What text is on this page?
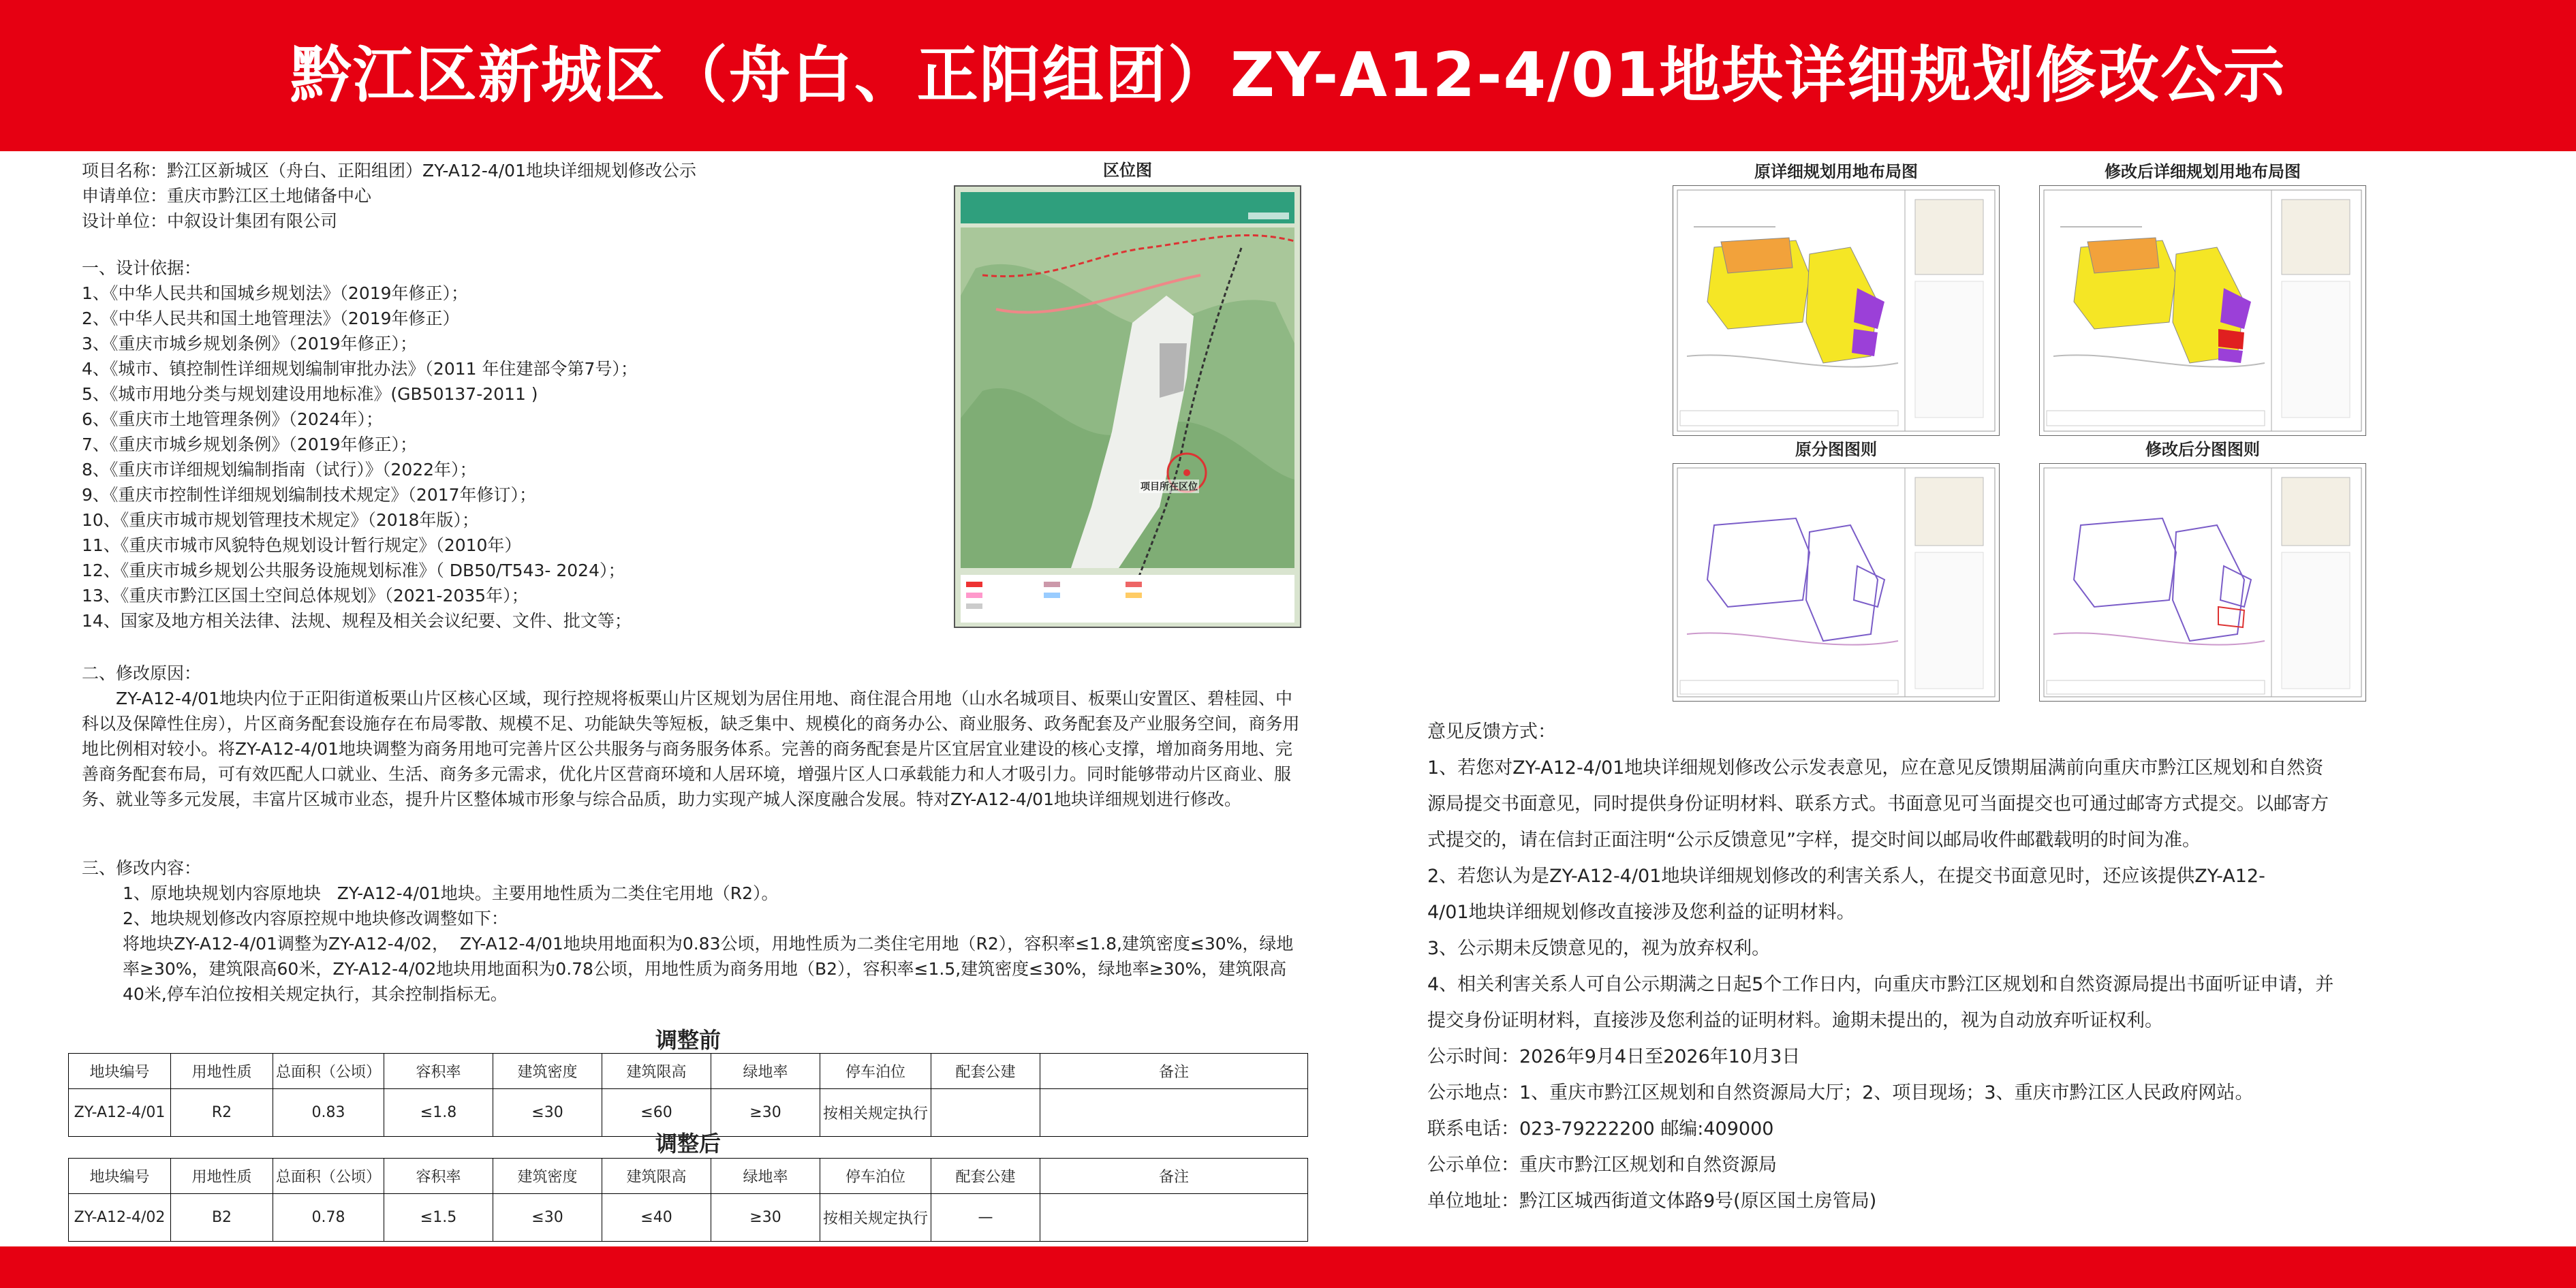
黔江区新城区（舟白、正阳组团）ZY-A12-4/01地块详细规划修改公示
项目名称：黔江区新城区（舟白、正阳组团）ZY-A12-4/01地块详细规划修改公示
申请单位：重庆市黔江区土地储备中心
设计单位：中叙设计集团有限公司
一、设计依据：
1、《中华人民共和国城乡规划法》（2019年修正）；
2、《中华人民共和国土地管理法》（2019年修正）
3、《重庆市城乡规划条例》（2019年修正）；
4、《城市、镇控制性详细规划编制审批办法》（2011 年住建部令第7号）；
5、《城市用地分类与规划建设用地标准》(GB50137-2011 )
6、《重庆市土地管理条例》（2024年）；
7、《重庆市城乡规划条例》（2019年修正）；
8、《重庆市详细规划编制指南（试行）》（2022年）；
9、《重庆市控制性详细规划编制技术规定》（2017年修订）；
10、《重庆市城市规划管理技术规定》（2018年版）；
11、《重庆市城市风貌特色规划设计暂行规定》（2010年）
12、《重庆市城乡规划公共服务设施规划标准》（ DB50/T543- 2024）；
13、《重庆市黔江区国土空间总体规划》（2021-2035年）；
14、国家及地方相关法律、法规、规程及相关会议纪要、文件、批文等；
二、修改原因：
ZY-A12-4/01地块内位于正阳街道板栗山片区核心区域，现行控规将板栗山片区规划为居住用地、商住混合用地（山水名城项目、板栗山安置区、碧桂园、中科以及保障性住房），片区商务配套设施存在布局零散、规模不足、功能缺失等短板，缺乏集中、规模化的商务办公、商业服务、政务配套及产业服务空间，商务用地比例相对较小。将ZY-A12-4/01地块调整为商务用地可完善片区公共服务与商务服务体系。完善的商务配套是片区宜居宜业建设的核心支撑，增加商务用地、完善商务配套布局，可有效匹配人口就业、生活、商务多元需求，优化片区营商环境和人居环境，增强片区人口承载能力和人才吸引力。同时能够带动片区商业、服务、就业等多元发展，丰富片区城市业态，提升片区整体城市形象与综合品质，助力实现产城人深度融合发展。特对ZY-A12-4/01地块详细规划进行修改。
三、修改内容：
1、原地块规划内容原地块   ZY-A12-4/01地块。主要用地性质为二类住宅用地（R2）。
2、地块规划修改内容原控规中地块修改调整如下：
将地块ZY-A12-4/01调整为ZY-A12-4/02，  ZY-A12-4/01地块用地面积为0.83公顷，用地性质为二类住宅用地（R2），容积率≤1.8,建筑密度≤30%，绿地率≥30%，建筑限高60米，ZY-A12-4/02地块用地面积为0.78公顷，用地性质为商务用地（B2），容积率≤1.5,建筑密度≤30%，绿地率≥30%，建筑限高40米,停车泊位按相关规定执行，其余控制指标无。
调整前
地块编号	用地性质	总面积（公顷）	容积率	建筑密度	建筑限高	绿地率	停车泊位	配套公建	备注
ZY-A12-4/01	R2	0.83	≤1.8	≤30	≤60	≥30	按相关规定执行		
调整后
地块编号	用地性质	总面积（公顷）	容积率	建筑密度	建筑限高	绿地率	停车泊位	配套公建	备注
ZY-A12-4/02	B2	0.78	≤1.5	≤30	≤40	≥30	按相关规定执行	—	
区位图
项目所在区位
原详细规划用地布局图	修改后详细规划用地布局图
原分图图则	修改后分图图则
意见反馈方式：
1、若您对ZY-A12-4/01地块详细规划修改公示发表意见，应在意见反馈期届满前向重庆市黔江区规划和自然资
源局提交书面意见，同时提供身份证明材料、联系方式。书面意见可当面提交也可通过邮寄方式提交。以邮寄方
式提交的，请在信封正面注明“公示反馈意见”字样，提交时间以邮局收件邮戳载明的时间为准。
2、若您认为是ZY-A12-4/01地块详细规划修改的利害关系人，在提交书面意见时，还应该提供ZY-A12-
4/01地块详细规划修改直接涉及您利益的证明材料。
3、公示期未反馈意见的，视为放弃权利。
4、相关利害关系人可自公示期满之日起5个工作日内，向重庆市黔江区规划和自然资源局提出书面听证申请，并
提交身份证明材料，直接涉及您利益的证明材料。逾期未提出的，视为自动放弃听证权利。
公示时间：2026年9月4日至2026年10月3日
公示地点：1、重庆市黔江区规划和自然资源局大厅；2、项目现场；3、重庆市黔江区人民政府网站。
联系电话：023-79222200 邮编:409000
公示单位：重庆市黔江区规划和自然资源局
单位地址：黔江区城西街道文体路9号(原区国土房管局)
